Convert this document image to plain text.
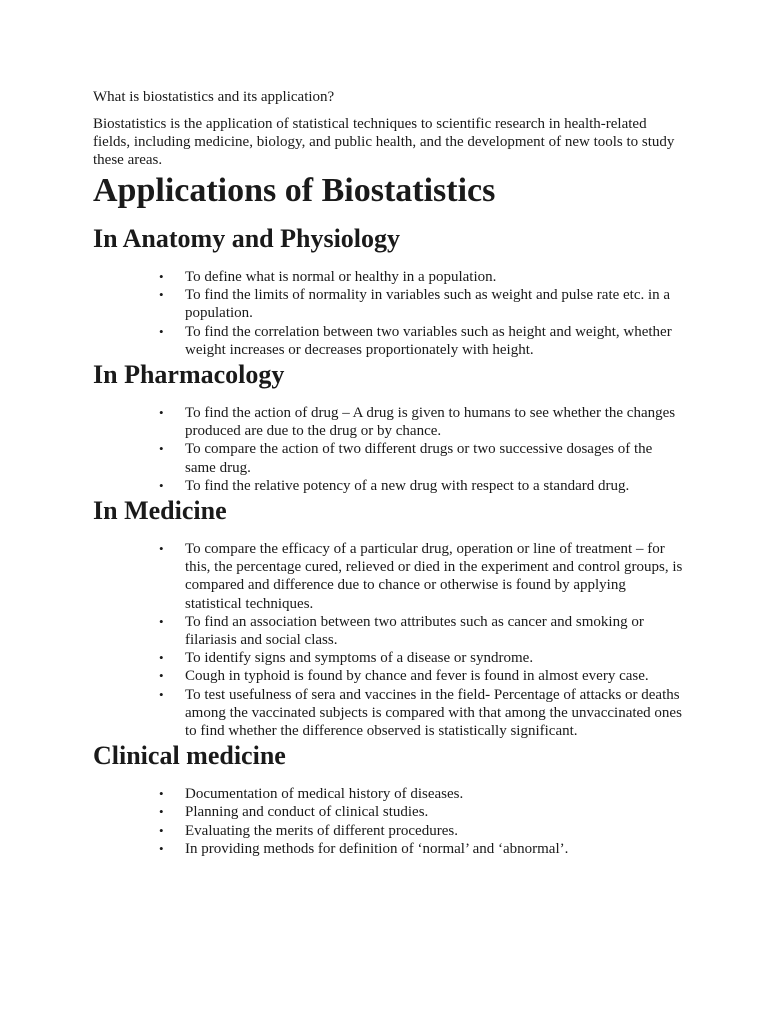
What is biostatistics and its application?

Biostatistics is the application of statistical techniques to scientific research in health-related fields, including medicine, biology, and public health, and the development of new tools to study these areas.

Applications of Biostatistics
In Anatomy and Physiology
• To define what is normal or healthy in a population.
• To find the limits of normality in variables such as weight and pulse rate etc. in a population.
• To find the correlation between two variables such as height and weight, whether weight increases or decreases proportionately with height.
In Pharmacology
• To find the action of drug – A drug is given to humans to see whether the changes produced are due to the drug or by chance.
• To compare the action of two different drugs or two successive dosages of the same drug.
• To find the relative potency of a new drug with respect to a standard drug.
In Medicine
• To compare the efficacy of a particular drug, operation or line of treatment – for this, the percentage cured, relieved or died in the experiment and control groups, is compared and difference due to chance or otherwise is found by applying statistical techniques.
• To find an association between two attributes such as cancer and smoking or filariasis and social class.
• To identify signs and symptoms of a disease or syndrome.
• Cough in typhoid is found by chance and fever is found in almost every case.
• To test usefulness of sera and vaccines in the field- Percentage of attacks or deaths among the vaccinated subjects is compared with that among the unvaccinated ones to find whether the difference observed is statistically significant.
Clinical medicine
• Documentation of medical history of diseases.
• Planning and conduct of clinical studies.
• Evaluating the merits of different procedures.
• In providing methods for definition of ‘normal’ and ‘abnormal’.
